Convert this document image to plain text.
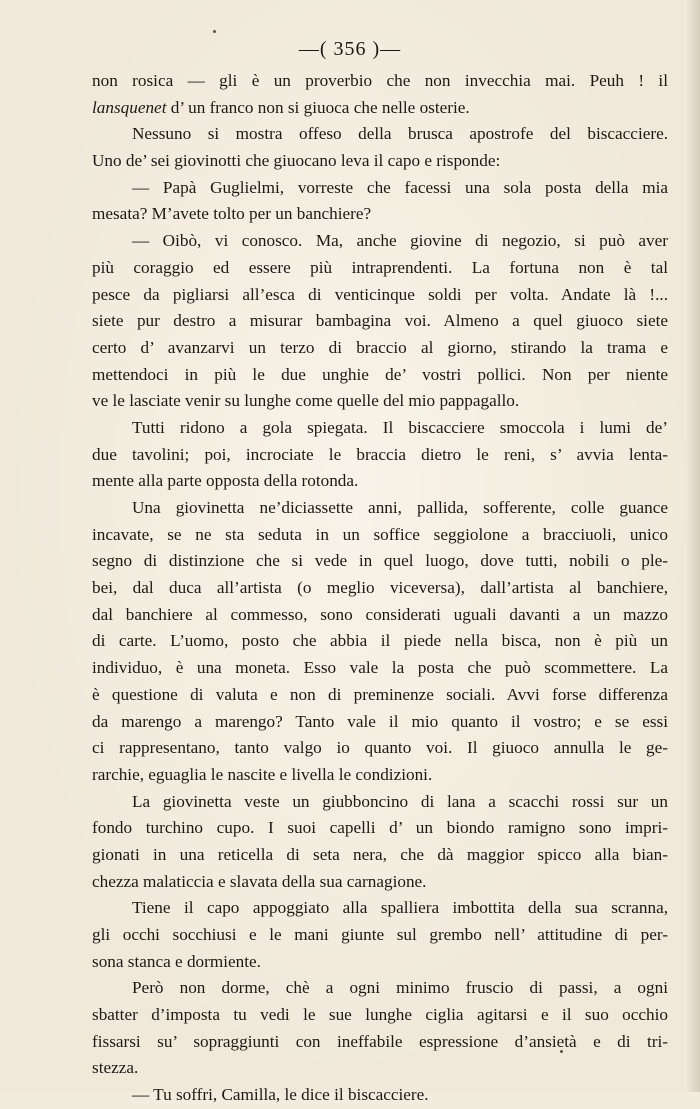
—( 356 )—
non rosica — gli è un proverbio che non invecchia mai. Peuh ! il
lansquenet d’ un franco non si giuoca che nelle osterie.
Nessuno si mostra offeso della brusca apostrofe del biscacciere.
Uno de’ sei giovinotti che giuocano leva il capo e risponde:
— Papà Guglielmi, vorreste che facessi una sola posta della mia
mesata? M’avete tolto per un banchiere?
— Oibò, vi conosco. Ma, anche giovine di negozio, si può aver
più coraggio ed essere più intraprendenti. La fortuna non è tal
pesce da pigliarsi all’esca di venticinque soldi per volta. Andate là !...
siete pur destro a misurar bambagina voi. Almeno a quel giuoco siete
certo d’ avanzarvi un terzo di braccio al giorno, stirando la trama e
mettendoci in più le due unghie de’ vostri pollici. Non per niente
ve le lasciate venir su lunghe come quelle del mio pappagallo.
Tutti ridono a gola spiegata. Il biscacciere smoccola i lumi de’
due tavolini; poi, incrociate le braccia dietro le reni, s’ avvia lenta-
mente alla parte opposta della rotonda.
Una giovinetta ne’diciassette anni, pallida, sofferente, colle guance
incavate, se ne sta seduta in un soffice seggiolone a bracciuoli, unico
segno di distinzione che si vede in quel luogo, dove tutti, nobili o ple-
bei, dal duca all’artista (o meglio viceversa), dall’artista al banchiere,
dal banchiere al commesso, sono considerati uguali davanti a un mazzo
di carte. L’uomo, posto che abbia il piede nella bisca, non è più un
individuo, è una moneta. Esso vale la posta che può scommettere. La
è questione di valuta e non di preminenze sociali. Avvi forse differenza
da marengo a marengo? Tanto vale il mio quanto il vostro; e se essi
ci rappresentano, tanto valgo io quanto voi. Il giuoco annulla le ge-
rarchie, eguaglia le nascite e livella le condizioni.
La giovinetta veste un giubboncino di lana a scacchi rossi sur un
fondo turchino cupo. I suoi capelli d’ un biondo ramigno sono impri-
gionati in una reticella di seta nera, che dà maggior spicco alla bian-
chezza malaticcia e slavata della sua carnagione.
Tiene il capo appoggiato alla spalliera imbottita della sua scranna,
gli occhi socchiusi e le mani giunte sul grembo nell’ attitudine di per-
sona stanca e dormiente.
Però non dorme, chè a ogni minimo fruscio di passi, a ogni
sbatter d’imposta tu vedi le sue lunghe ciglia agitarsi e il suo occhio
fissarsi su’ sopraggiunti con ineffabile espressione d’ansietà e di tri-
stezza.
— Tu soffri, Camilla, le dice il biscacciere.
